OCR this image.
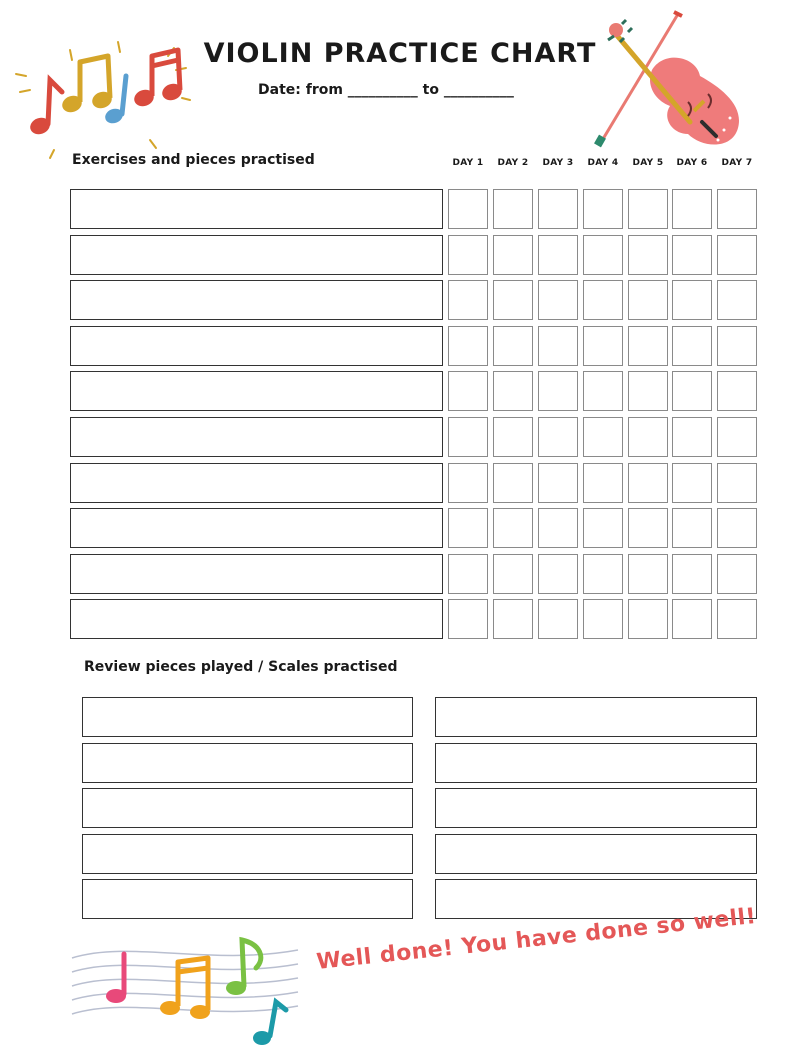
VIOLIN PRACTICE CHART
Date: from __________ to __________
Exercises and pieces practised	DAY 1	DAY 2	DAY 3	DAY 4	DAY 5	DAY 6	DAY 7
Review pieces played / Scales practised
Well done! You have done so well!
